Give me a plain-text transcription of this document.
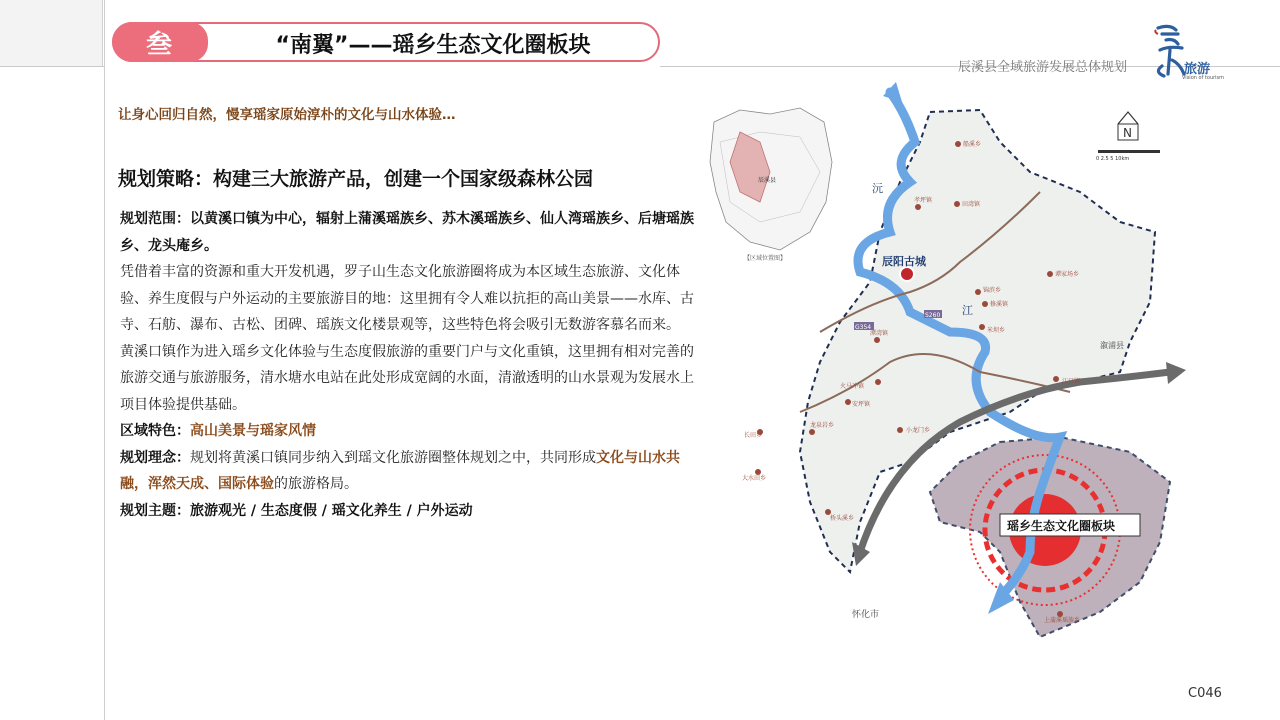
叁	“南翼”——瑶乡生态文化圈板块
辰溪县全域旅游发展总体规划	旅游
Vision of tourism
让身心回归自然，慢享瑶家原始淳朴的文化与山水体验…
规划策略：构建三大旅游产品，创建一个国家级森林公园

规划范围：以黄溪口镇为中心，辐射上蒲溪瑶族乡、苏木溪瑶族乡、仙人湾瑶族乡、后塘瑶族乡、龙头庵乡。

凭借着丰富的资源和重大开发机遇，罗子山生态文化旅游圈将成为本区域生态旅游、文化体验、养生度假与户外运动的主要旅游目的地：这里拥有令人难以抗拒的高山美景——水库、古寺、石舫、瀑布、古松、团碑、瑶族文化楼景观等，这些特色将会吸引无数游客慕名而来。

黄溪口镇作为进入瑶乡文化体验与生态度假旅游的重要门户与文化重镇，这里拥有相对完善的旅游交通与旅游服务，清水塘水电站在此处形成宽阔的水面，清澈透明的山水景观为发展水上项目体验提供基础。

区域特色：高山美景与瑶家风情

规划理念：规划将黄溪口镇同步纳入到瑶文化旅游圈整体规划之中，共同形成文化与山水共融，浑然天成、国际体验的旅游格局。

规划主题：旅游观光 / 生态度假 / 瑶文化养生 / 户外运动

辰阳古城
沅
江
瑶乡生态文化圈板块
溆浦县
怀化市
船溪乡
孝坪镇
田湾镇
修溪镇
潭湾镇
锦滨乡
谭家场乡
米坝乡
火马冲镇
龙泉岩乡
小龙门乡
安坪镇
大水田乡
桥头溪乡
长田乡
江口镇
上蒲溪瑶族乡
G354
S260
辰溪县
【区域位置图】
N
0 2.5 5 10km
C046
